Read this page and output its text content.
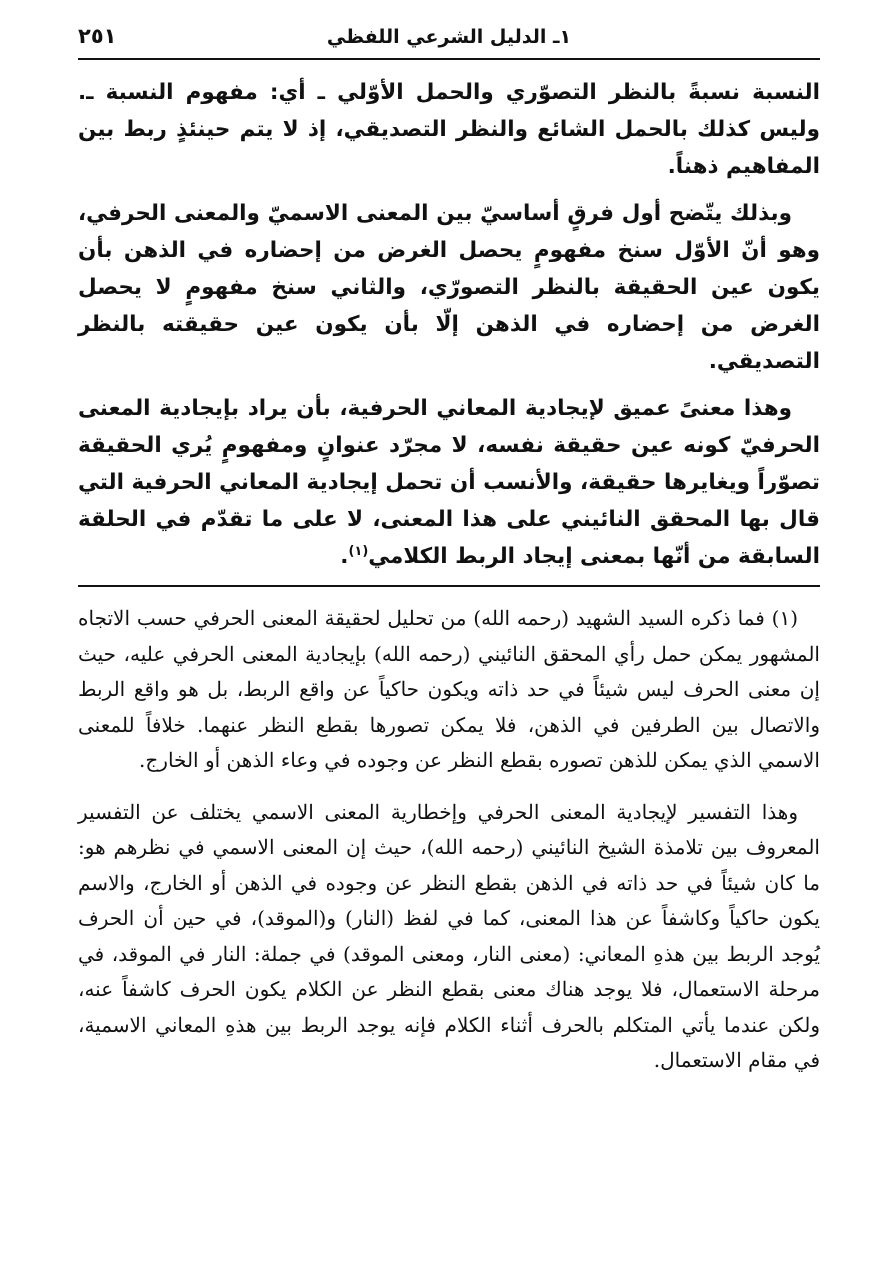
١ـ الدليل الشرعي اللفظي
٢٥١

النسبة نسبةً بالنظر التصوّري والحمل الأوّلي ـ أي: مفهوم النسبة ـ. وليس كذلك بالحمل الشائع والنظر التصديقي، إذ لا يتم حينئذٍ ربط بين المفاهيم ذهناً.

وبذلك يتّضح أول فرقٍ أساسيّ بين المعنى الاسميّ والمعنى الحرفي، وهو أنّ الأوّل سنخ مفهومٍ يحصل الغرض من إحضاره في الذهن بأن يكون عين الحقيقة بالنظر التصورّي، والثاني سنخ مفهومٍ لا يحصل الغرض من إحضاره في الذهن إلّا بأن يكون عين حقيقته بالنظر التصديقي.

وهذا معنىً عميق لإيجادية المعاني الحرفية، بأن يراد بإيجادية المعنى الحرفيّ كونه عين حقيقة نفسه، لا مجرّد عنوانٍ ومفهومٍ يُري الحقيقة تصوّراً ويغايرها حقيقة، والأنسب أن تحمل إيجادية المعاني الحرفية التي قال بها المحقق النائيني على هذا المعنى، لا على ما تقدّم في الحلقة السابقة من أنّها بمعنى إيجاد الربط الكلامي$^{(١)}$.

(١) فما ذكره السيد الشهيد (رحمه الله) من تحليل لحقيقة المعنى الحرفي حسب الاتجاه المشهور يمكن حمل رأي المحقق النائيني (رحمه الله) بإيجادية المعنى الحرفي عليه، حيث إن معنى الحرف ليس شيئاً في حد ذاته ويكون حاكياً عن واقع الربط، بل هو واقع الربط والاتصال بين الطرفين في الذهن، فلا يمكن تصورها بقطع النظر عنهما. خلافاً للمعنى الاسمي الذي يمكن للذهن تصوره بقطع النظر عن وجوده في وعاء الذهن أو الخارج.

وهذا التفسير لإيجادية المعنى الحرفي وإخطارية المعنى الاسمي يختلف عن التفسير المعروف بين تلامذة الشيخ النائيني (رحمه الله)، حيث إن المعنى الاسمي في نظرهم هو: ما كان شيئاً في حد ذاته في الذهن بقطع النظر عن وجوده في الذهن أو الخارج، والاسم يكون حاكياً وكاشفاً عن هذا المعنى، كما في لفظ (النار) و(الموقد)، في حين أن الحرف يُوجد الربط بين هذهِ المعاني: (معنى النار، ومعنى الموقد) في جملة: النار في الموقد، في مرحلة الاستعمال، فلا يوجد هناك معنى بقطع النظر عن الكلام يكون الحرف كاشفاً عنه، ولكن عندما يأتي المتكلم بالحرف أثناء الكلام فإنه يوجد الربط بين هذهِ المعاني الاسمية، في مقام الاستعمال.
